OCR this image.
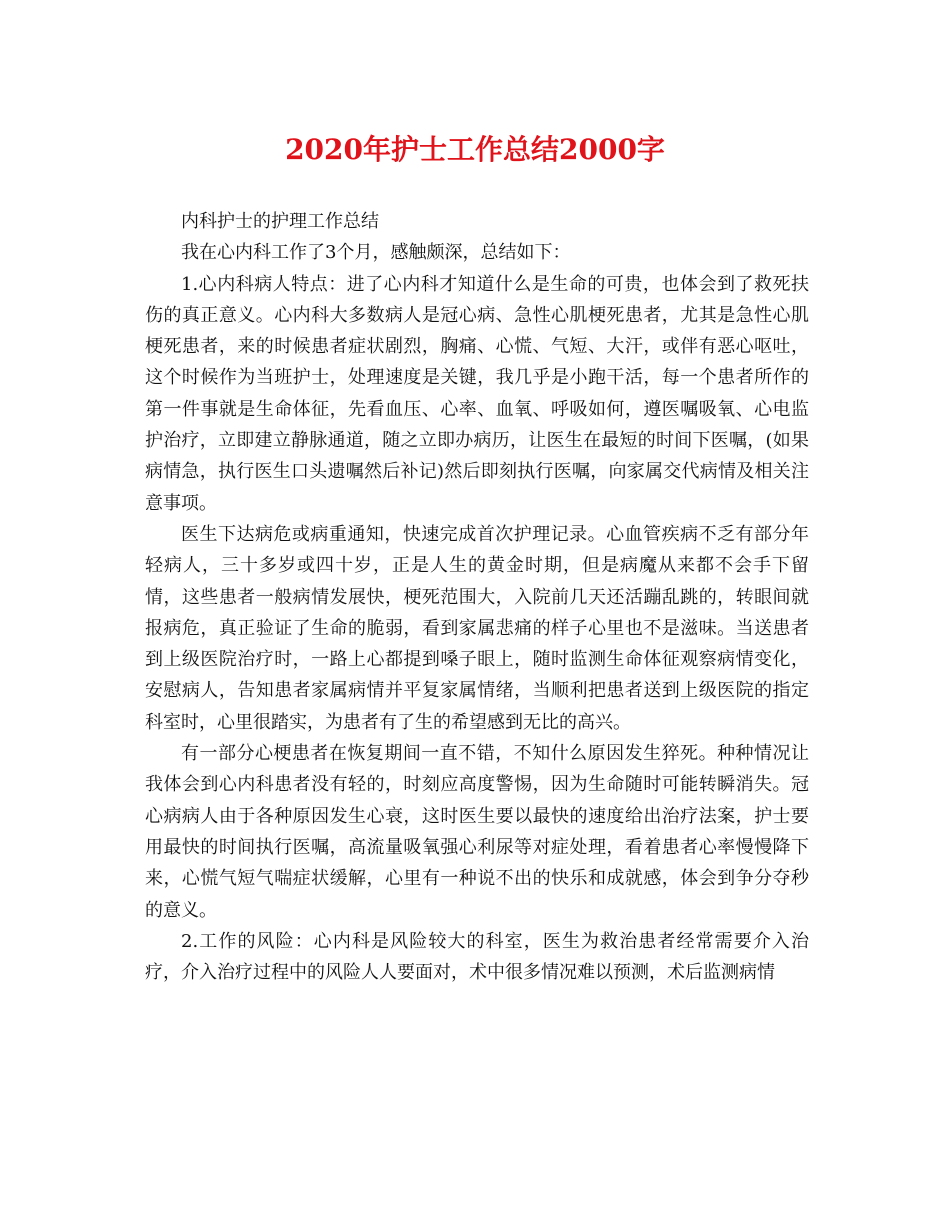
2020年护士工作总结2000字

内科护士的护理工作总结

我在心内科工作了3个月，感触颇深，总结如下：

1.心内科病人特点：进了心内科才知道什么是生命的可贵，也体会到了救死扶伤的真正意义。心内科大多数病人是冠心病、急性心肌梗死患者，尤其是急性心肌梗死患者，来的时候患者症状剧烈，胸痛、心慌、气短、大汗，或伴有恶心呕吐，这个时候作为当班护士，处理速度是关键，我几乎是小跑干活，每一个患者所作的第一件事就是生命体征，先看血压、心率、血氧、呼吸如何，遵医嘱吸氧、心电监护治疗，立即建立静脉通道，随之立即办病历，让医生在最短的时间下医嘱，(如果病情急，执行医生口头遗嘱然后补记)然后即刻执行医嘱，向家属交代病情及相关注意事项。

医生下达病危或病重通知，快速完成首次护理记录。心血管疾病不乏有部分年轻病人，三十多岁或四十岁，正是人生的黄金时期，但是病魔从来都不会手下留情，这些患者一般病情发展快，梗死范围大，入院前几天还活蹦乱跳的，转眼间就报病危，真正验证了生命的脆弱，看到家属悲痛的样子心里也不是滋味。当送患者到上级医院治疗时，一路上心都提到嗓子眼上，随时监测生命体征观察病情变化，安慰病人，告知患者家属病情并平复家属情绪，当顺利把患者送到上级医院的指定科室时，心里很踏实，为患者有了生的希望感到无比的高兴。

有一部分心梗患者在恢复期间一直不错，不知什么原因发生猝死。种种情况让我体会到心内科患者没有轻的，时刻应高度警惕，因为生命随时可能转瞬消失。冠心病病人由于各种原因发生心衰，这时医生要以最快的速度给出治疗法案，护士要用最快的时间执行医嘱，高流量吸氧强心利尿等对症处理，看着患者心率慢慢降下来，心慌气短气喘症状缓解，心里有一种说不出的快乐和成就感，体会到争分夺秒的意义。

2.工作的风险：心内科是风险较大的科室，医生为救治患者经常需要介入治疗，介入治疗过程中的风险人人要面对，术中很多情况难以预测，术后监测病情
